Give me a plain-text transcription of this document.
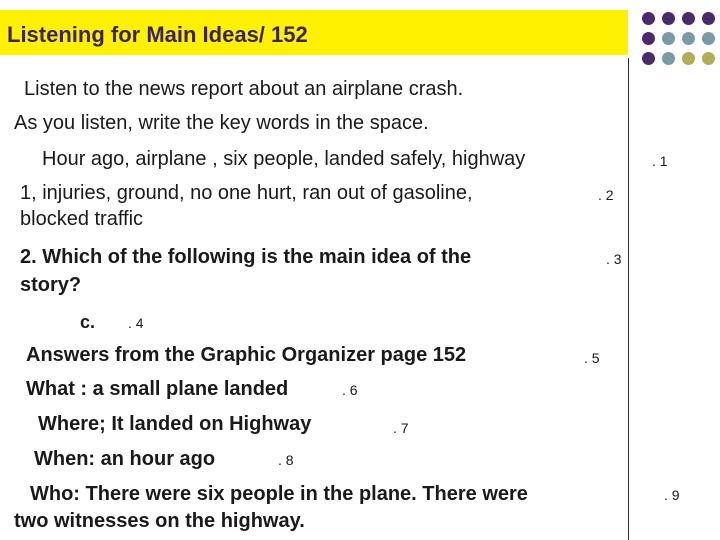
Listening for Main Ideas/ 152
Listen to the news report about an airplane crash.
As you listen, write the key words in the space.
Hour ago, airplane , six people, landed safely, highway	. 1
1, injuries, ground, no one hurt, ran out of gasoline,	. 2
blocked traffic
2. Which of the following is the main idea of the	. 3
story?
c. . 4
Answers from the Graphic Organizer page 152	. 5
What : a small plane landed	. 6
Where; It landed on Highway	. 7
When: an hour ago	. 8
Who: There were six people in the plane. There were	. 9
two witnesses on the highway.
